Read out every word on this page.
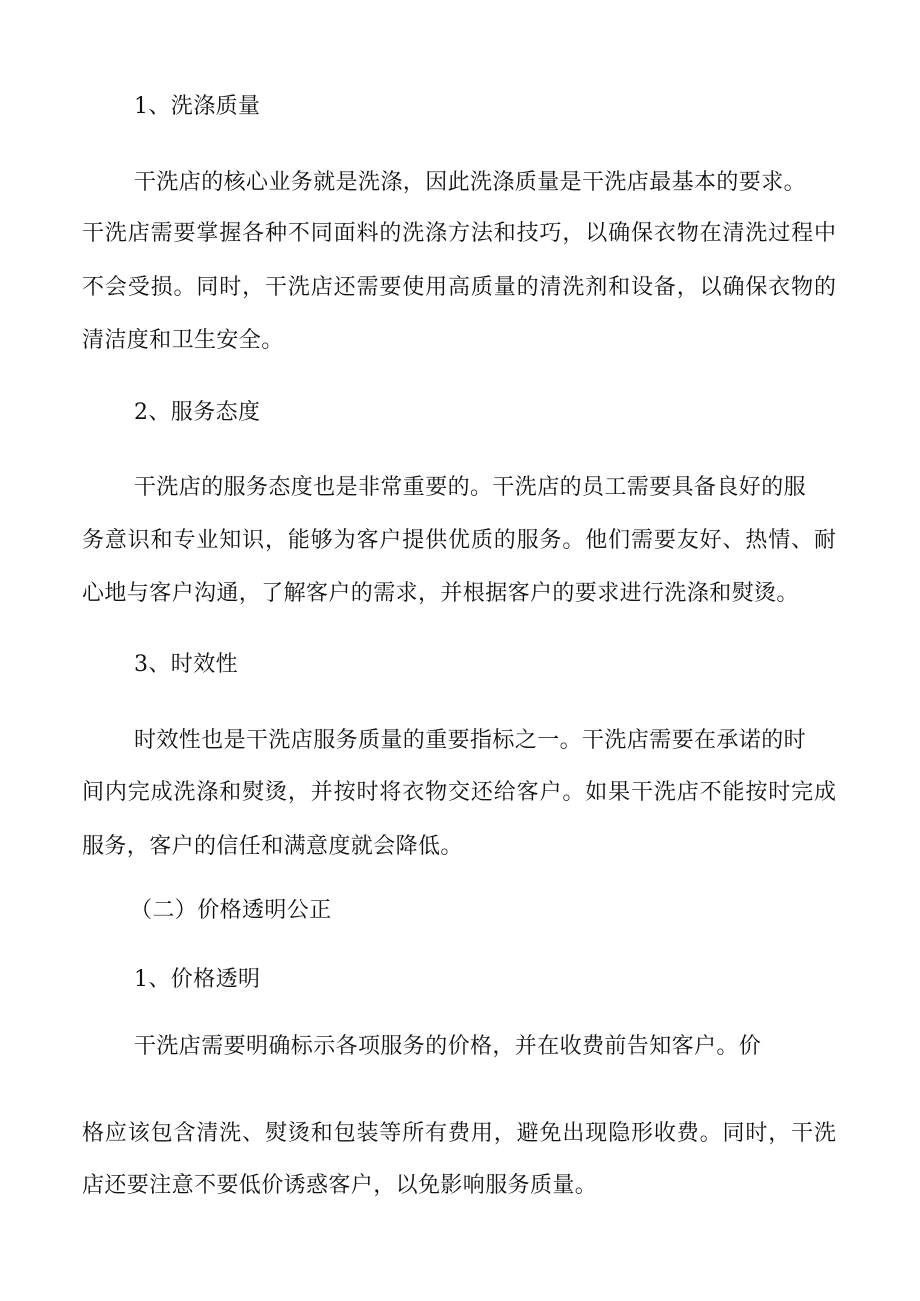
1、洗涤质量
干洗店的核心业务就是洗涤，因此洗涤质量是干洗店最基本的要求。
干洗店需要掌握各种不同面料的洗涤方法和技巧，以确保衣物在清洗过程中
不会受损。同时，干洗店还需要使用高质量的清洗剂和设备，以确保衣物的
清洁度和卫生安全。
2、服务态度
干洗店的服务态度也是非常重要的。干洗店的员工需要具备良好的服
务意识和专业知识，能够为客户提供优质的服务。他们需要友好、热情、耐
心地与客户沟通，了解客户的需求，并根据客户的要求进行洗涤和熨烫。
3、时效性
时效性也是干洗店服务质量的重要指标之一。干洗店需要在承诺的时
间内完成洗涤和熨烫，并按时将衣物交还给客户。如果干洗店不能按时完成
服务，客户的信任和满意度就会降低。
（二）价格透明公正
1、价格透明
干洗店需要明确标示各项服务的价格，并在收费前告知客户。价
格应该包含清洗、熨烫和包装等所有费用，避免出现隐形收费。同时，干洗
店还要注意不要低价诱惑客户，以免影响服务质量。
